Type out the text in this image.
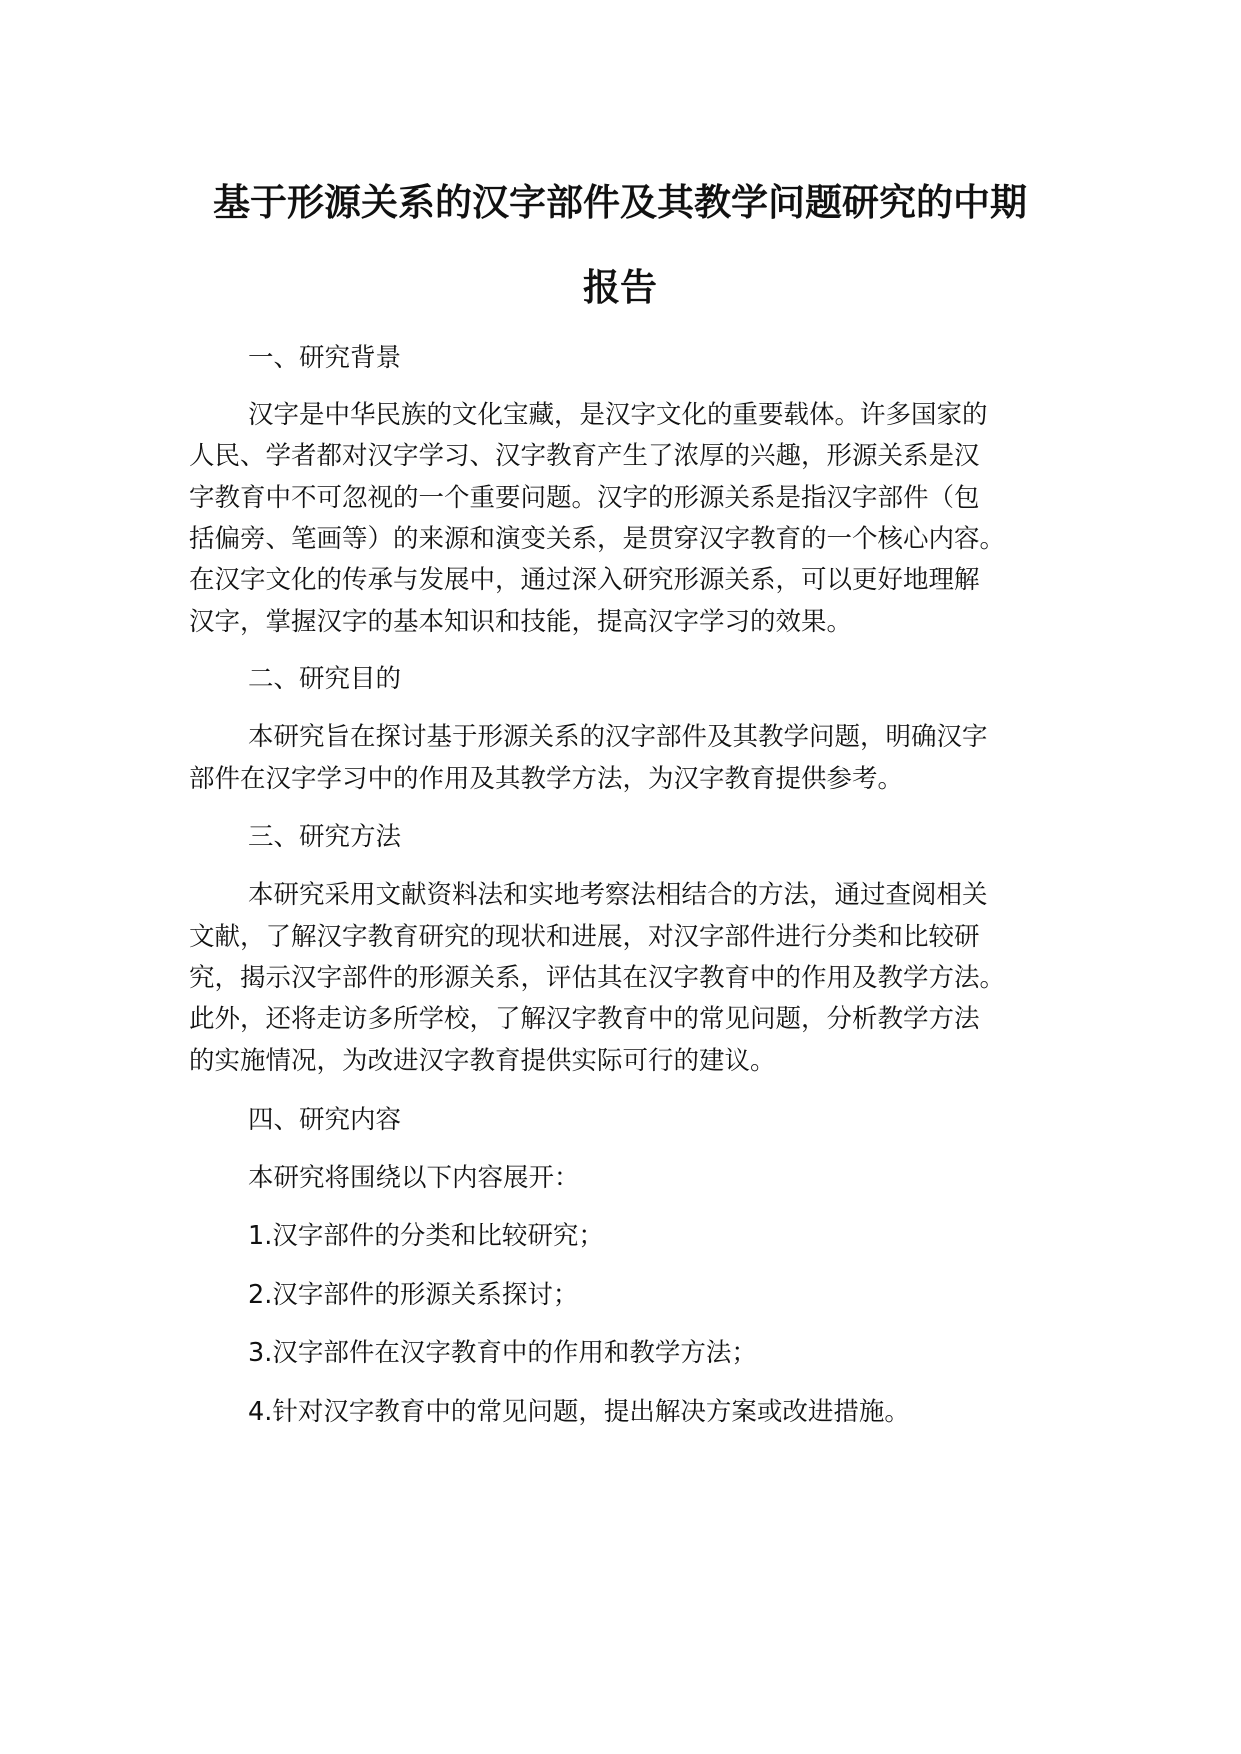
基于形源关系的汉字部件及其教学问题研究的中期
报告
一、研究背景
汉字是中华民族的文化宝藏，是汉字文化的重要载体。许多国家的
人民、学者都对汉字学习、汉字教育产生了浓厚的兴趣，形源关系是汉
字教育中不可忽视的一个重要问题。汉字的形源关系是指汉字部件（包
括偏旁、笔画等）的来源和演变关系，是贯穿汉字教育的一个核心内容。
在汉字文化的传承与发展中，通过深入研究形源关系，可以更好地理解
汉字，掌握汉字的基本知识和技能，提高汉字学习的效果。
二、研究目的
本研究旨在探讨基于形源关系的汉字部件及其教学问题，明确汉字
部件在汉字学习中的作用及其教学方法，为汉字教育提供参考。
三、研究方法
本研究采用文献资料法和实地考察法相结合的方法，通过查阅相关
文献，了解汉字教育研究的现状和进展，对汉字部件进行分类和比较研
究，揭示汉字部件的形源关系，评估其在汉字教育中的作用及教学方法。
此外，还将走访多所学校，了解汉字教育中的常见问题，分析教学方法
的实施情况，为改进汉字教育提供实际可行的建议。
四、研究内容
本研究将围绕以下内容展开：
1.汉字部件的分类和比较研究；
2.汉字部件的形源关系探讨；
3.汉字部件在汉字教育中的作用和教学方法；
4.针对汉字教育中的常见问题，提出解决方案或改进措施。
